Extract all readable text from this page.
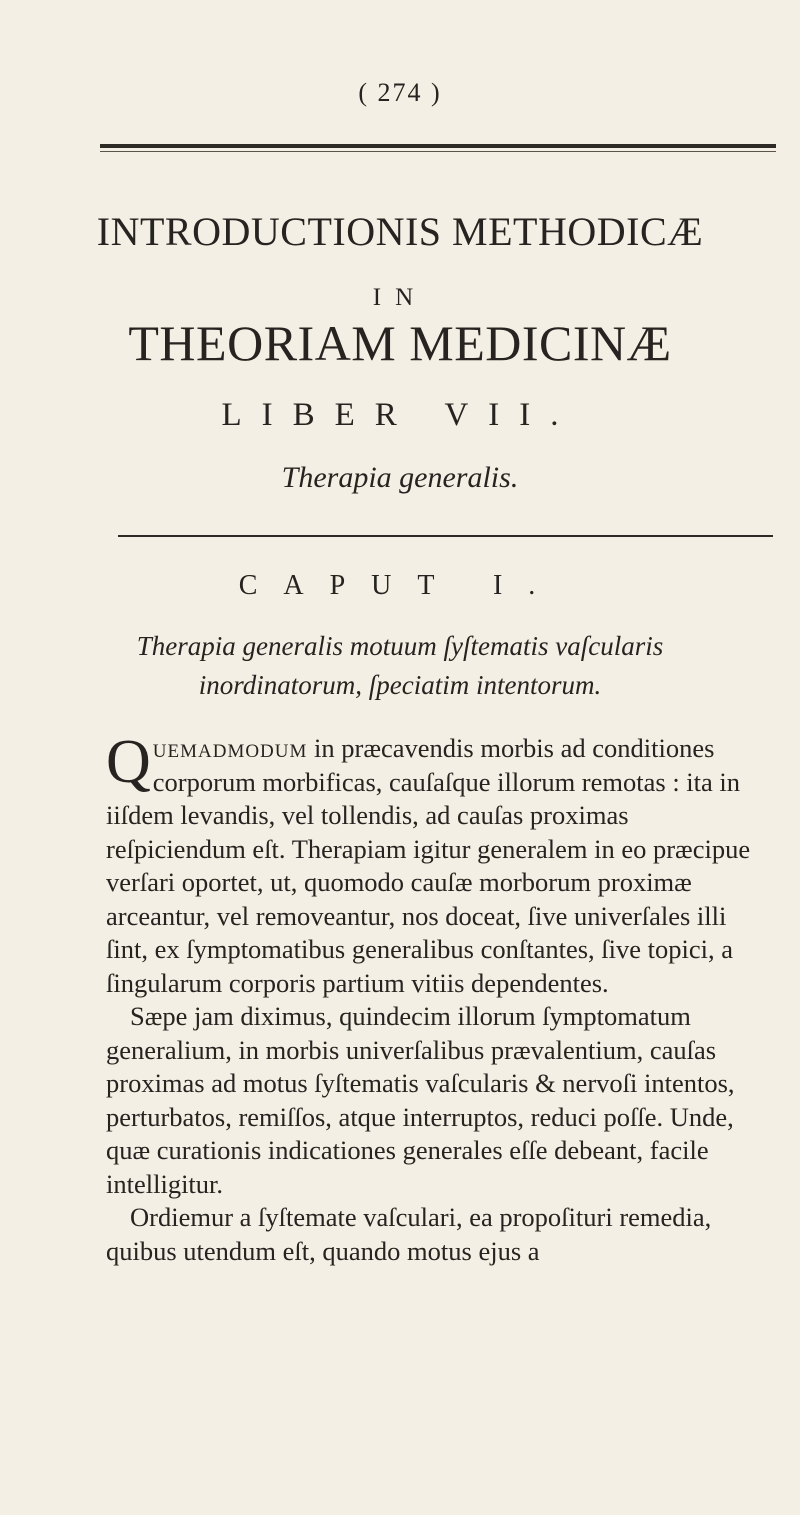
( 274 )
INTRODUCTIONIS METHODICÆ
IN
THEORIAM MEDICINÆ
LIBER VII.
Therapia generalis.
CAPUT I.
Therapia generalis motuum ſyſtematis vaſcularis
inordinatorum, ſpeciatim intentorum.

Quemadmodum in præcavendis morbis ad conditiones corporum morbificas, cauſaſque illorum remotas : ita in iiſdem levandis, vel tollendis, ad cauſas proximas reſpiciendum eſt. Therapiam igitur generalem in eo præcipue verſari oportet, ut, quomodo cauſæ morborum proximæ arceantur, vel removeantur, nos doceat, ſive univerſales illi ſint, ex ſymptomatibus generalibus conſtantes, ſive topici, a ſingularum corporis partium vitiis dependentes.

Sæpe jam diximus, quindecim illorum ſymptomatum generalium, in morbis univerſalibus prævalentium, cauſas proximas ad motus ſyſtematis vaſcularis & nervoſi intentos, perturbatos, remiſſos, atque interruptos, reduci poſſe. Unde, quæ curationis indicationes generales eſſe debeant, facile intelligitur.

Ordiemur a ſyſtemate vaſculari, ea propoſituri remedia, quibus utendum eſt, quando motus ejus a
